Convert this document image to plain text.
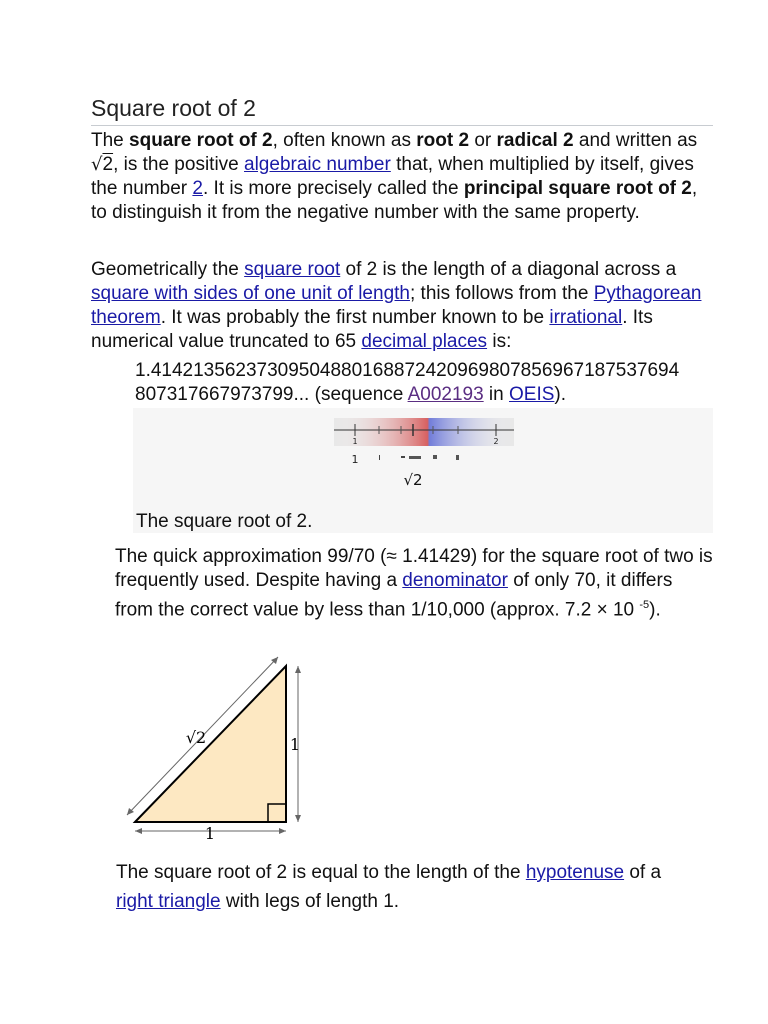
Square root of 2

The square root of 2, often known as root 2 or radical 2 and written as √2, is the positive algebraic number that, when multiplied by itself, gives the number 2. It is more precisely called the principal square root of 2, to distinguish it from the negative number with the same property.

Geometrically the square root of 2 is the length of a diagonal across a square with sides of one unit of length; this follows from the Pythagorean theorem. It was probably the first number known to be irrational. Its numerical value truncated to 65 decimal places is:

1.41421356237309504880168872420969807856967187537694
807317667973799... (sequence A002193 in OEIS).
1	2
1
√2
The square root of 2.

The quick approximation 99/70 (≈ 1.41429) for the square root of two is frequently used. Despite having a denominator of only 70, it differs from the correct value by less than 1/10,000 (approx. 7.2 × 10 $^{-5}$).

√2	1
1

The square root of 2 is equal to the length of the hypotenuse of a right triangle with legs of length 1.
